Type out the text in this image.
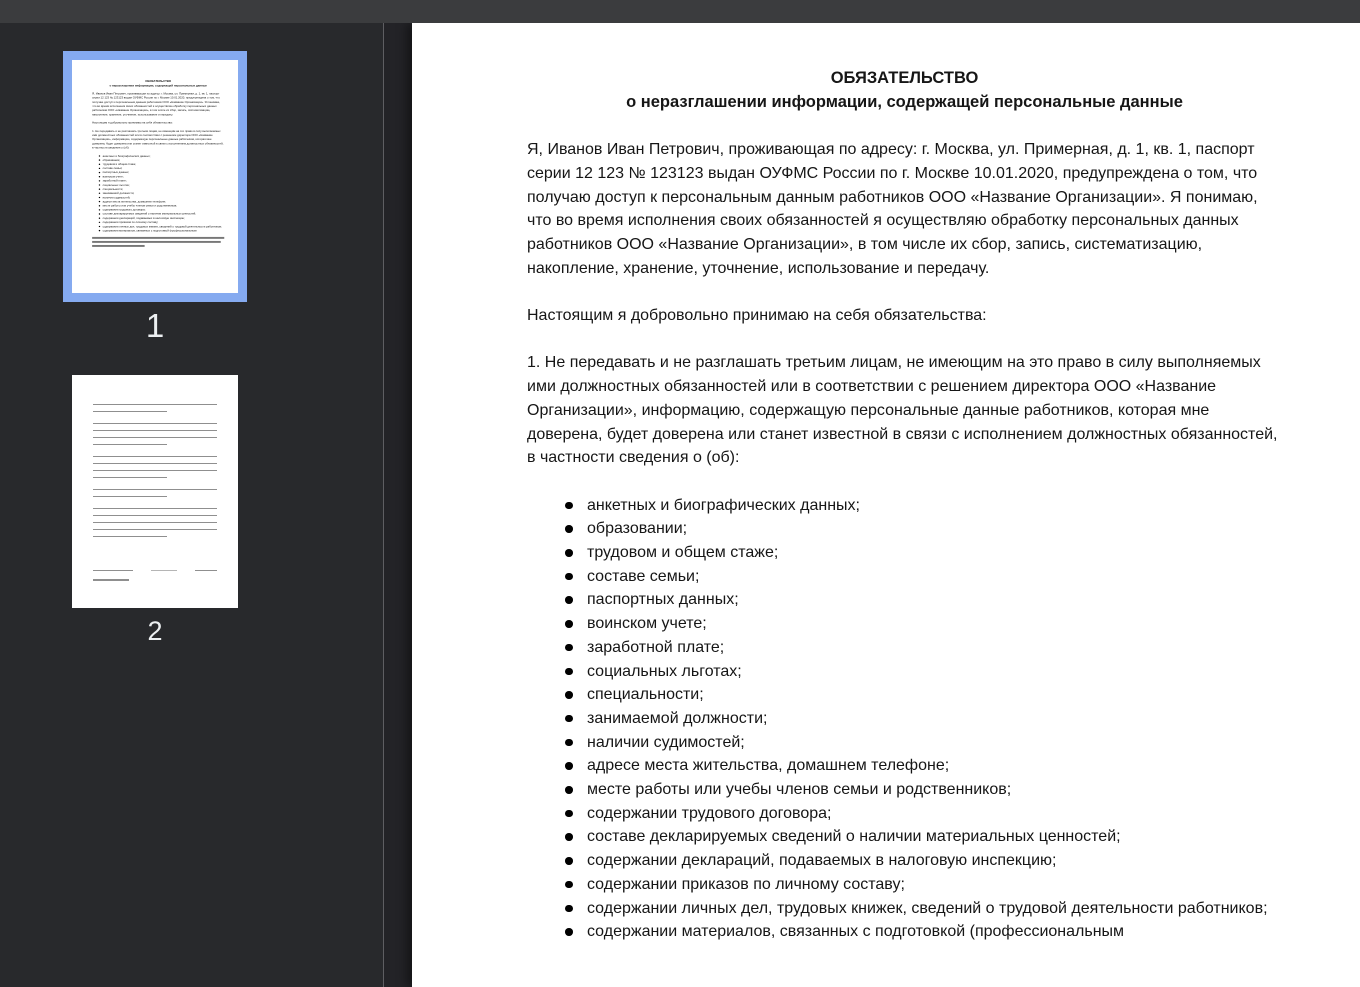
ОБЯЗАТЕЛЬСТВО
о неразглашении информации, содержащей персональные данные

Я, Иванов Иван Петрович, проживающая по адресу: г. Москва, ул. Примерная, д. 1, кв. 1, паспорт серии 12 123 № 123123 выдан ОУФМС России по г. Москве 10.01.2020, предупреждена о том, что получаю доступ к персональным данным работников ООО «Название Организации». Я понимаю, что во время исполнения своих обязанностей я осуществляю обработку персональных данных работников ООО «Название Организации», в том числе их сбор, запись, систематизацию, накопление, хранение, уточнение, использование и передачу.

Настоящим я добровольно принимаю на себя обязательства:

1. Не передавать и не разглашать третьим лицам, не имеющим на это право в силу выполняемых ими должностных обязанностей или в соответствии с решением директора ООО «Название Организации», информацию, содержащую персональные данные работников, которая мне доверена, будет доверена или станет известной в связи с исполнением должностных обязанностей, в частности сведения о (об):

анкетных и биографических данных;
образовании;
трудовом и общем стаже;
составе семьи;
паспортных данных;
воинском учете;
заработной плате;
социальных льготах;
специальности;
занимаемой должности;
наличии судимостей;
адресе места жительства, домашнем телефоне;
месте работы или учебы членов семьи и родственников;
содержании трудового договора;
составе декларируемых сведений о наличии материальных ценностей;
содержании деклараций, подаваемых в налоговую инспекцию;
содержании приказов по личному составу;
содержании личных дел, трудовых книжек, сведений о трудовой деятельности работников;
содержании материалов, связанных с подготовкой (профессиональным
1
2
ОБЯЗАТЕЛЬСТВО
о неразглашении информации, содержащей персональные данные

Я, Иванов Иван Петрович, проживающая по адресу: г. Москва, ул. Примерная, д. 1, кв. 1, паспорт серии 12 123 № 123123 выдан ОУФМС России по г. Москве 10.01.2020, предупреждена о том, что получаю доступ к персональным данным работников ООО «Название Организации». Я понимаю, что во время исполнения своих обязанностей я осуществляю обработку персональных данных работников ООО «Название Организации», в том числе их сбор, запись, систематизацию, накопление, хранение, уточнение, использование и передачу.

Настоящим я добровольно принимаю на себя обязательства:

1. Не передавать и не разглашать третьим лицам, не имеющим на это право в силу выполняемых ими должностных обязанностей или в соответствии с решением директора ООО «Название Организации», информацию, содержащую персональные данные работников, которая мне доверена, будет доверена или станет известной в связи с исполнением должностных обязанностей, в частности сведения о (об):

анкетных и биографических данных;
образовании;
трудовом и общем стаже;
составе семьи;
паспортных данных;
воинском учете;
заработной плате;
социальных льготах;
специальности;
занимаемой должности;
наличии судимостей;
адресе места жительства, домашнем телефоне;
месте работы или учебы членов семьи и родственников;
содержании трудового договора;
составе декларируемых сведений о наличии материальных ценностей;
содержании деклараций, подаваемых в налоговую инспекцию;
содержании приказов по личному составу;
содержании личных дел, трудовых книжек, сведений о трудовой деятельности работников;
содержании материалов, связанных с подготовкой (профессиональным
